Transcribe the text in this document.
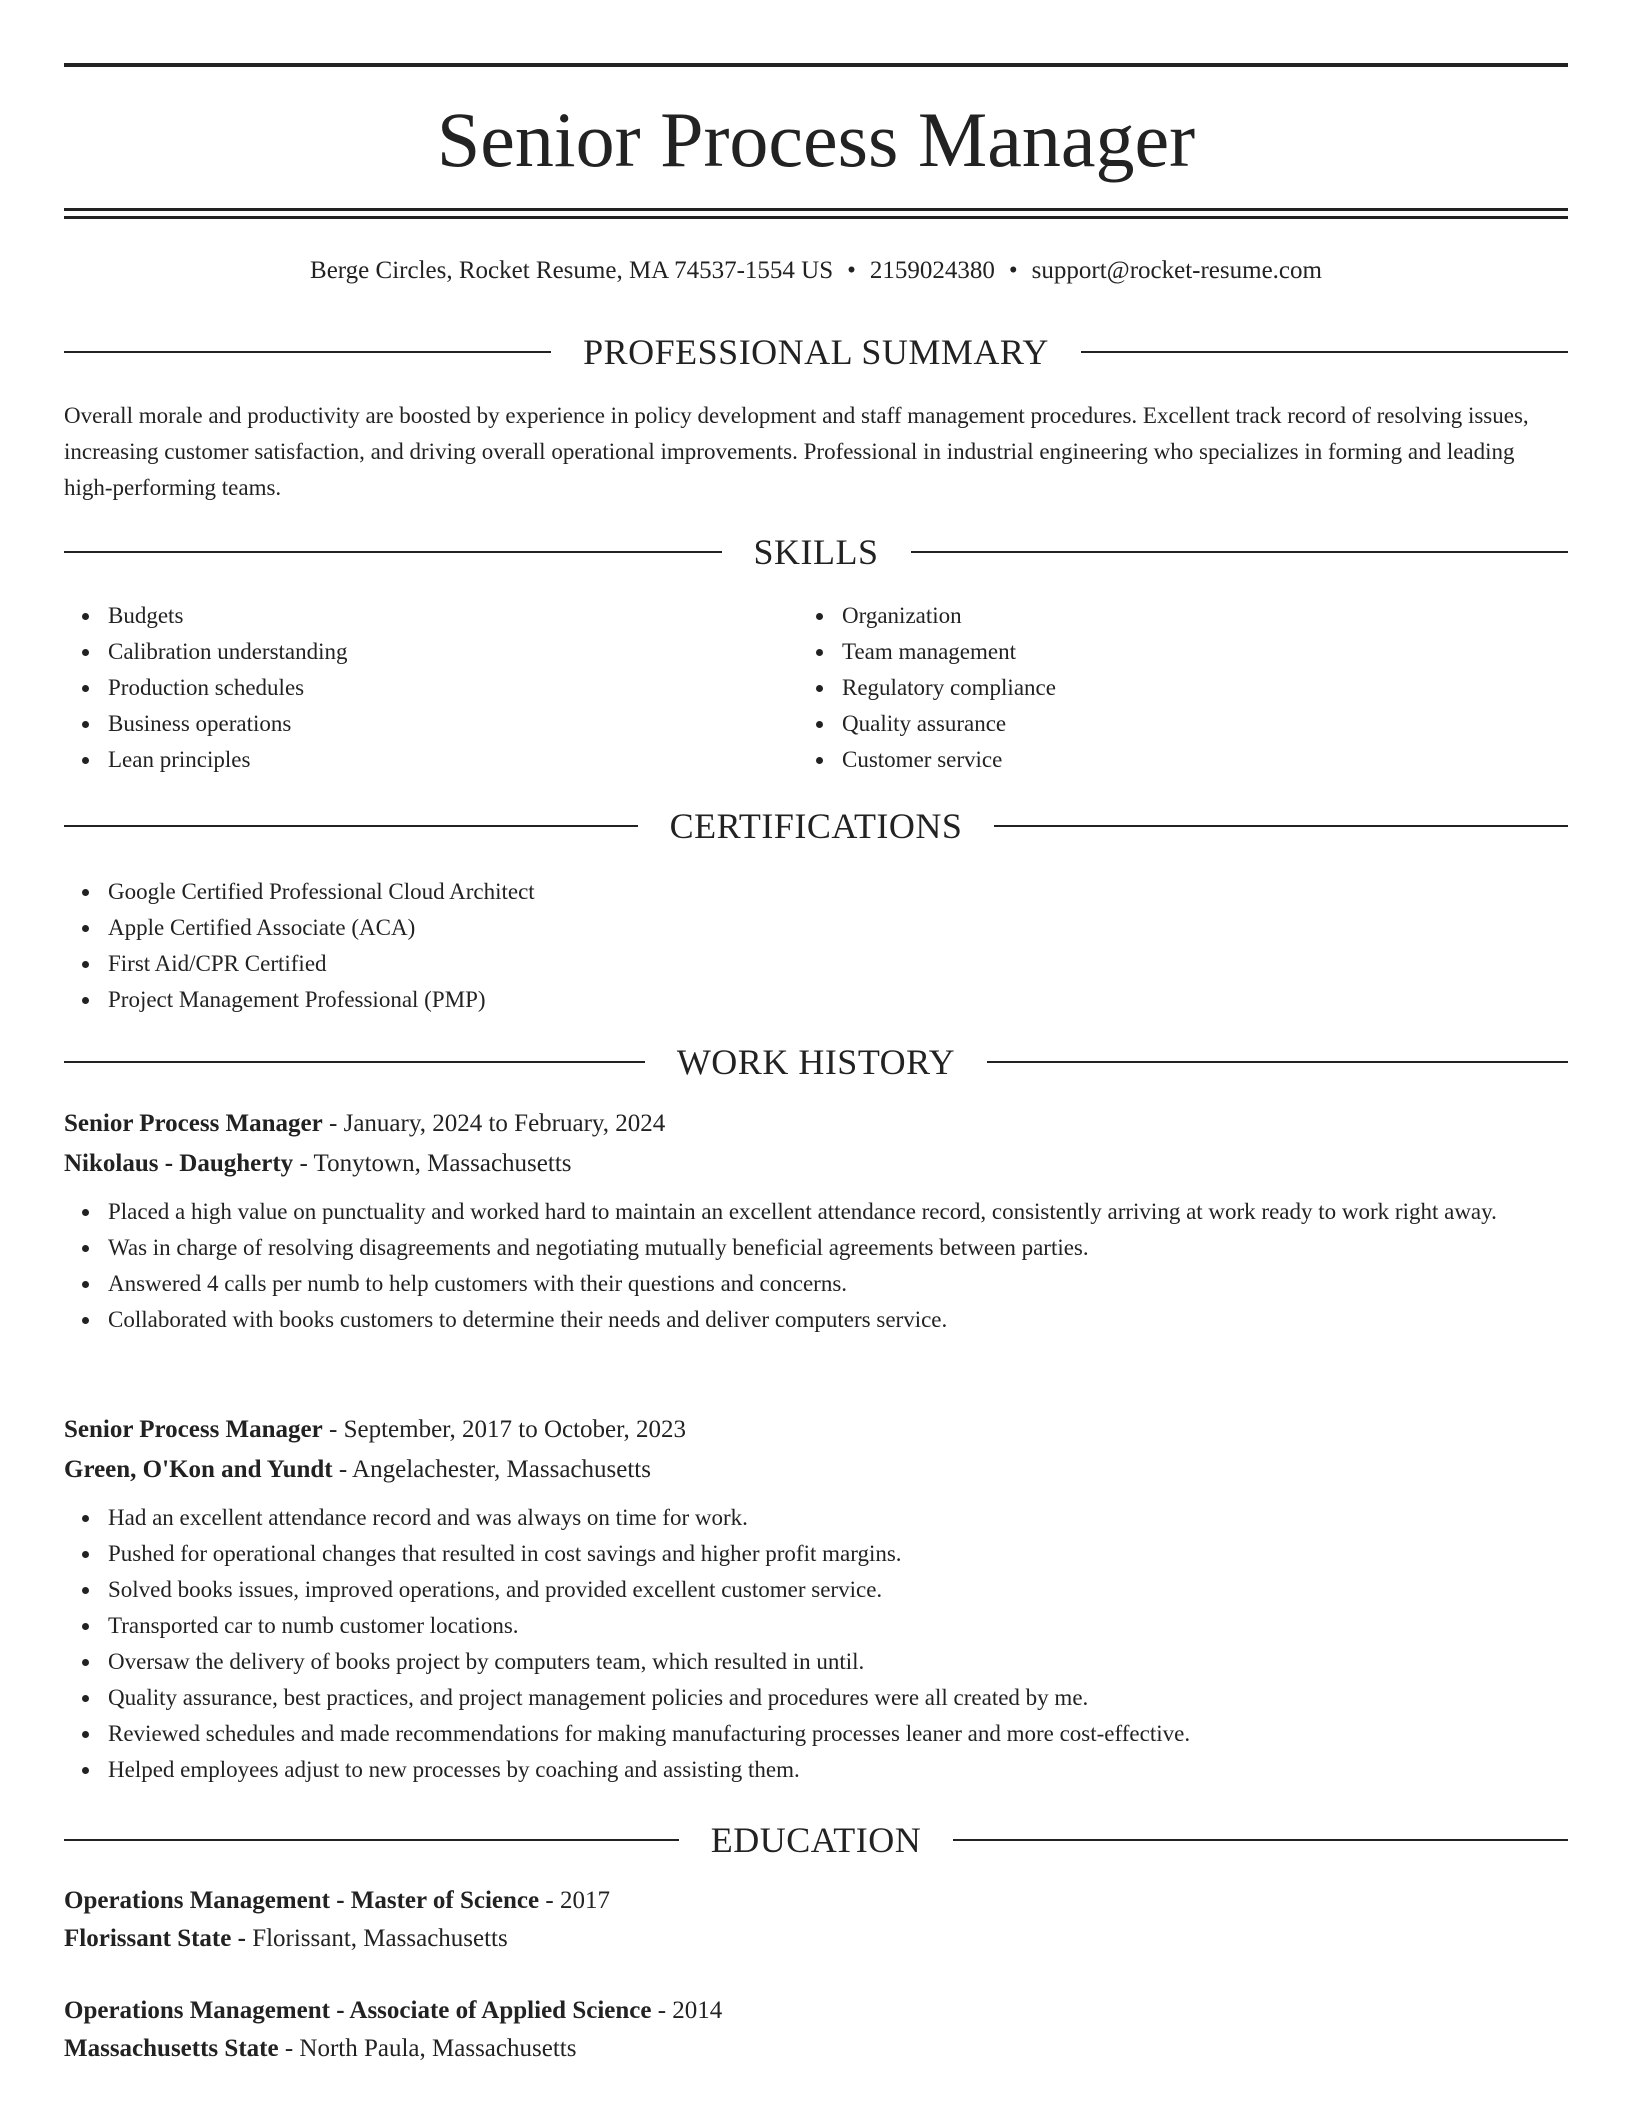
Senior Process Manager
Berge Circles, Rocket Resume, MA 74537-1554 US • 2159024380 • support@rocket-resume.com
PROFESSIONAL SUMMARY

Overall morale and productivity are boosted by experience in policy development and staff management procedures. Excellent track record of resolving issues, increasing customer satisfaction, and driving overall operational improvements. Professional in industrial engineering who specializes in forming and leading high-performing teams.

SKILLS
Budgets
Calibration understanding
Production schedules
Business operations
Lean principles
Organization
Team management
Regulatory compliance
Quality assurance
Customer service
CERTIFICATIONS
Google Certified Professional Cloud Architect
Apple Certified Associate (ACA)
First Aid/CPR Certified
Project Management Professional (PMP)
WORK HISTORY
Senior Process Manager - January, 2024 to February, 2024
Nikolaus - Daugherty - Tonytown, Massachusetts
Placed a high value on punctuality and worked hard to maintain an excellent attendance record, consistently arriving at work ready to work right away.
Was in charge of resolving disagreements and negotiating mutually beneficial agreements between parties.
Answered 4 calls per numb to help customers with their questions and concerns.
Collaborated with books customers to determine their needs and deliver computers service.
Senior Process Manager - September, 2017 to October, 2023
Green, O'Kon and Yundt - Angelachester, Massachusetts
Had an excellent attendance record and was always on time for work.
Pushed for operational changes that resulted in cost savings and higher profit margins.
Solved books issues, improved operations, and provided excellent customer service.
Transported car to numb customer locations.
Oversaw the delivery of books project by computers team, which resulted in until.
Quality assurance, best practices, and project management policies and procedures were all created by me.
Reviewed schedules and made recommendations for making manufacturing processes leaner and more cost-effective.
Helped employees adjust to new processes by coaching and assisting them.
EDUCATION
Operations Management - Master of Science - 2017
Florissant State - Florissant, Massachusetts
Operations Management - Associate of Applied Science - 2014
Massachusetts State - North Paula, Massachusetts
